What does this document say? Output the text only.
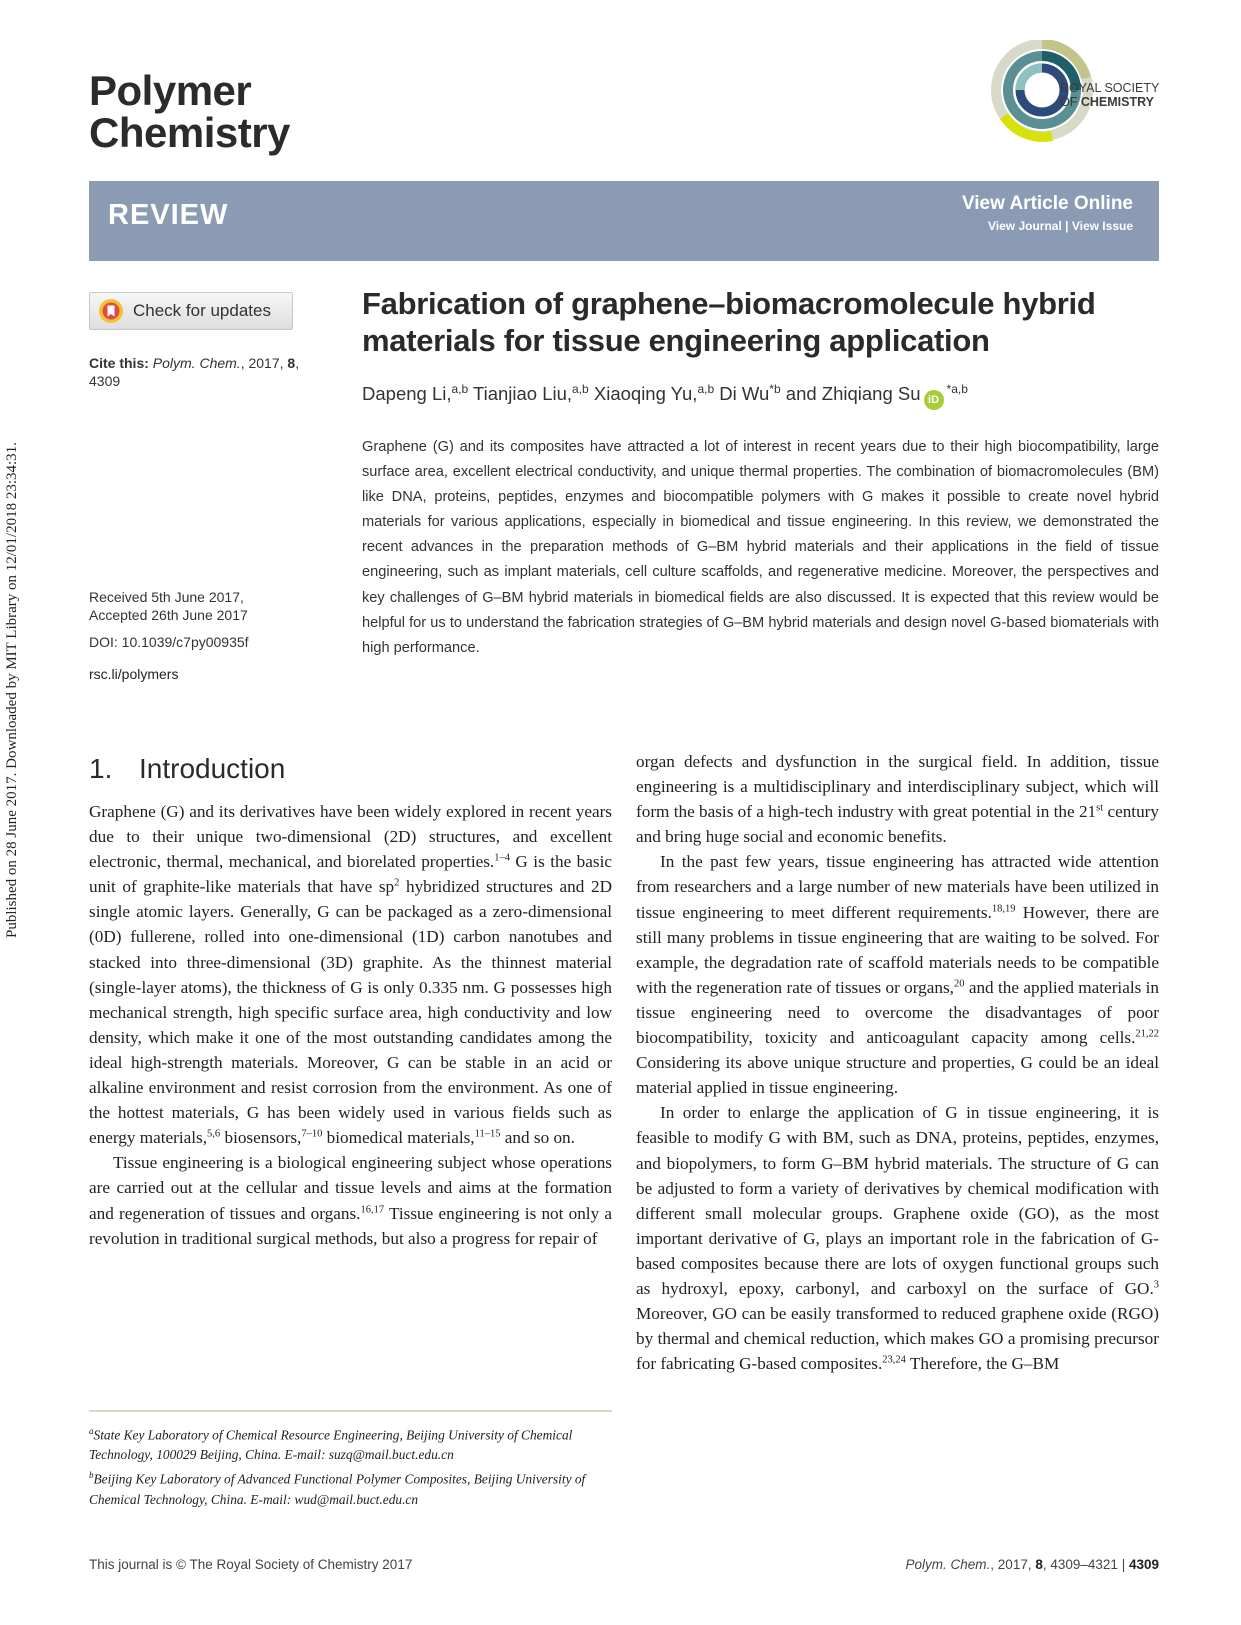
Published on 28 June 2017. Downloaded by MIT Library on 12/01/2018 23:34:31.
Polymer
Chemistry
ROYAL SOCIETY
OF CHEMISTRY
REVIEW	View Article Online
View Journal | View Issue
Check for updates
Cite this: Polym. Chem., 2017, 8, 4309
Received 5th June 2017,
Accepted 26th June 2017
DOI: 10.1039/c7py00935f
rsc.li/polymers
Fabrication of graphene–biomacromolecule hybrid materials for tissue engineering application
Dapeng Li,$^{a,b}$ Tianjiao Liu,$^{a,b}$ Xiaoqing Yu,$^{a,b}$ Di Wu$^{*b}$ and Zhiqiang Su iD$^{*a,b}$
Graphene (G) and its composites have attracted a lot of interest in recent years due to their high biocompatibility, large surface area, excellent electrical conductivity, and unique thermal properties. The combination of biomacromolecules (BM) like DNA, proteins, peptides, enzymes and biocompatible polymers with G makes it possible to create novel hybrid materials for various applications, especially in biomedical and tissue engineering. In this review, we demonstrated the recent advances in the preparation methods of G–BM hybrid materials and their applications in the field of tissue engineering, such as implant materials, cell culture scaffolds, and regenerative medicine. Moreover, the perspectives and key challenges of G–BM hybrid materials in biomedical fields are also discussed. It is expected that this review would be helpful for us to understand the fabrication strategies of G–BM hybrid materials and design novel G-based biomaterials with high performance.
1. Introduction

Graphene (G) and its derivatives have been widely explored in recent years due to their unique two-dimensional (2D) structures, and excellent electronic, thermal, mechanical, and biorelated properties.$^{1-4}$ G is the basic unit of graphite-like materials that have $sp^2$ hybridized structures and 2D single atomic layers. Generally, G can be packaged as a zero-dimensional (0D) fullerene, rolled into one-dimensional (1D) carbon nanotubes and stacked into three-dimensional (3D) graphite. As the thinnest material (single-layer atoms), the thickness of G is only 0.335 nm. G possesses high mechanical strength, high specific surface area, high conductivity and low density, which make it one of the most outstanding candidates among the ideal high-strength materials. Moreover, G can be stable in an acid or alkaline environment and resist corrosion from the environment. As one of the hottest materials, G has been widely used in various fields such as energy materials,$^{5,6}$ biosensors,$^{7-10}$ biomedical materials,$^{11-15}$ and so on.

Tissue engineering is a biological engineering subject whose operations are carried out at the cellular and tissue levels and aims at the formation and regeneration of tissues and organs.$^{16,17}$ Tissue engineering is not only a revolution in traditional surgical methods, but also a progress for repair of

organ defects and dysfunction in the surgical field. In addition, tissue engineering is a multidisciplinary and interdisciplinary subject, which will form the basis of a high-tech industry with great potential in the 21st century and bring huge social and economic benefits.

In the past few years, tissue engineering has attracted wide attention from researchers and a large number of new materials have been utilized in tissue engineering to meet different requirements.$^{18,19}$ However, there are still many problems in tissue engineering that are waiting to be solved. For example, the degradation rate of scaffold materials needs to be compatible with the regeneration rate of tissues or organs,$^{20}$ and the applied materials in tissue engineering need to overcome the disadvantages of poor biocompatibility, toxicity and anticoagulant capacity among cells.$^{21,22}$ Considering its above unique structure and properties, G could be an ideal material applied in tissue engineering.

In order to enlarge the application of G in tissue engineering, it is feasible to modify G with BM, such as DNA, proteins, peptides, enzymes, and biopolymers, to form G–BM hybrid materials. The structure of G can be adjusted to form a variety of derivatives by chemical modification with different small molecular groups. Graphene oxide (GO), as the most important derivative of G, plays an important role in the fabrication of G-based composites because there are lots of oxygen functional groups such as hydroxyl, epoxy, carbonyl, and carboxyl on the surface of GO.$^3$ Moreover, GO can be easily transformed to reduced graphene oxide (RGO) by thermal and chemical reduction, which makes GO a promising precursor for fabricating G-based composites.$^{23,24}$ Therefore, the G–BM

$^a$State Key Laboratory of Chemical Resource Engineering, Beijing University of Chemical Technology, 100029 Beijing, China. E-mail: suzq@mail.buct.edu.cn
$^b$Beijing Key Laboratory of Advanced Functional Polymer Composites, Beijing University of Chemical Technology, China. E-mail: wud@mail.buct.edu.cn
This journal is © The Royal Society of Chemistry 2017	Polym. Chem., 2017, 8, 4309–4321 | 4309
